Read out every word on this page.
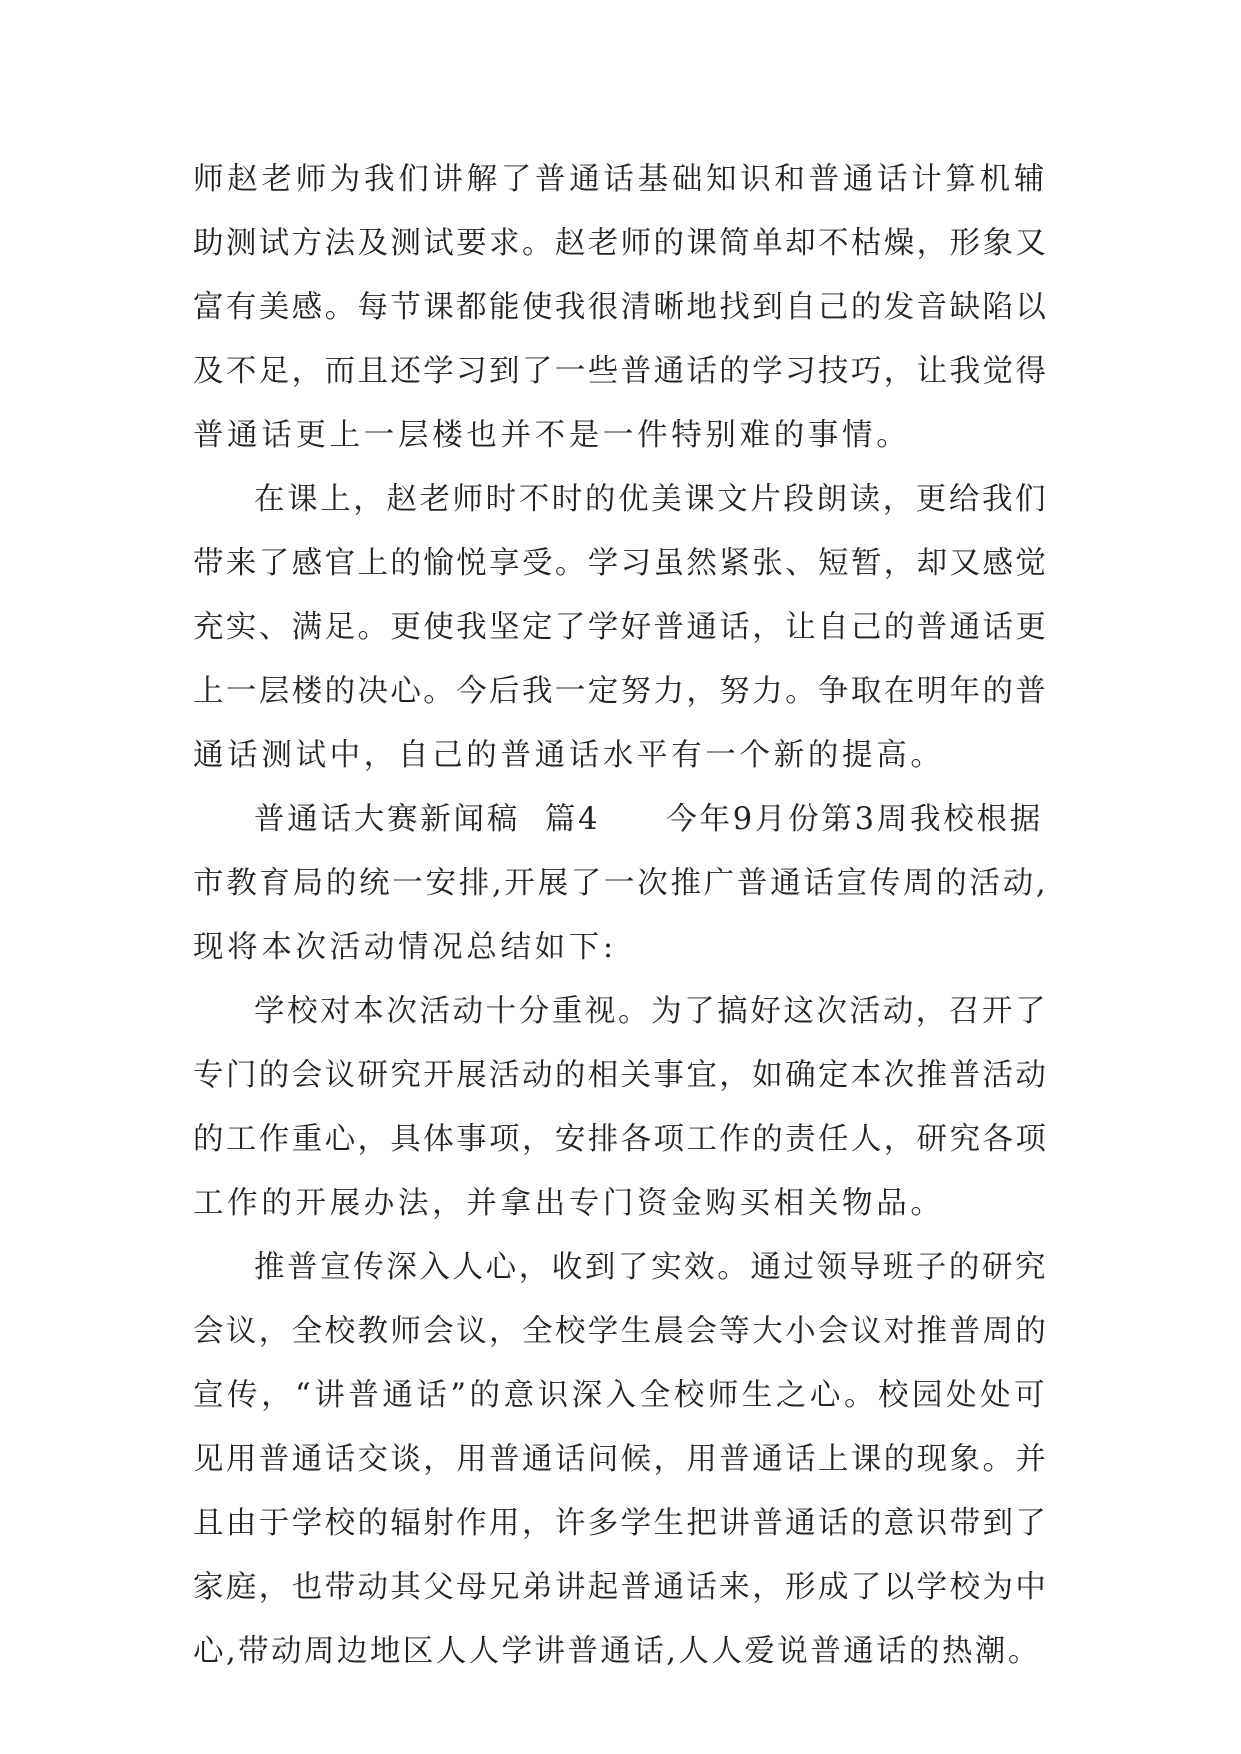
师赵老师为我们讲解了普通话基础知识和普通话计算机辅
助测试方法及测试要求。赵老师的课简单却不枯燥，形象又
富有美感。每节课都能使我很清晰地找到自己的发音缺陷以
及不足，而且还学习到了一些普通话的学习技巧，让我觉得
普通话更上一层楼也并不是一件特别难的事情。
在课上，赵老师时不时的优美课文片段朗读，更给我们
带来了感官上的愉悦享受。学习虽然紧张、短暂，却又感觉
充实、满足。更使我坚定了学好普通话，让自己的普通话更
上一层楼的决心。今后我一定努力，努力。争取在明年的普
通话测试中，自己的普通话水平有一个新的提高。
普通话大赛新闻稿  篇4 今年9月份第3周我校根据
市教育局的统一安排,开展了一次推广普通话宣传周的活动,
现将本次活动情况总结如下:
学校对本次活动十分重视。为了搞好这次活动，召开了
专门的会议研究开展活动的相关事宜，如确定本次推普活动
的工作重心，具体事项，安排各项工作的责任人，研究各项
工作的开展办法，并拿出专门资金购买相关物品。
推普宣传深入人心，收到了实效。通过领导班子的研究
会议，全校教师会议，全校学生晨会等大小会议对推普周的
宣传，“讲普通话”的意识深入全校师生之心。校园处处可
见用普通话交谈，用普通话问候，用普通话上课的现象。并
且由于学校的辐射作用，许多学生把讲普通话的意识带到了
家庭，也带动其父母兄弟讲起普通话来，形成了以学校为中
心,带动周边地区人人学讲普通话,人人爱说普通话的热潮。
